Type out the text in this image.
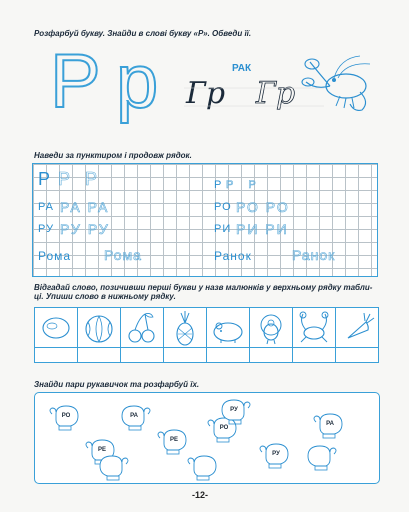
Розфарбуй букву. Знайди в слові букву «Р». Обведи її.
P p	РАК
Гр Гр
Наведи за пунктиром і продовж рядок.
Р Р Р	Р Р Р
РА РА РА	РО РО РО
РУ РУ РУ	РИ РИ РИ
Рома Рома	Ранок	Ранок
Відгадай слово, позичивши перші букви у назв малюнків у верхньому рядку табли-
ці. Упиши слово в нижньому рядку.
Знайди пари рукавичок та розфарбуй їх.
РО
РЕ
РА
РЕ
РО
РУ
РУ
РА
-12-
